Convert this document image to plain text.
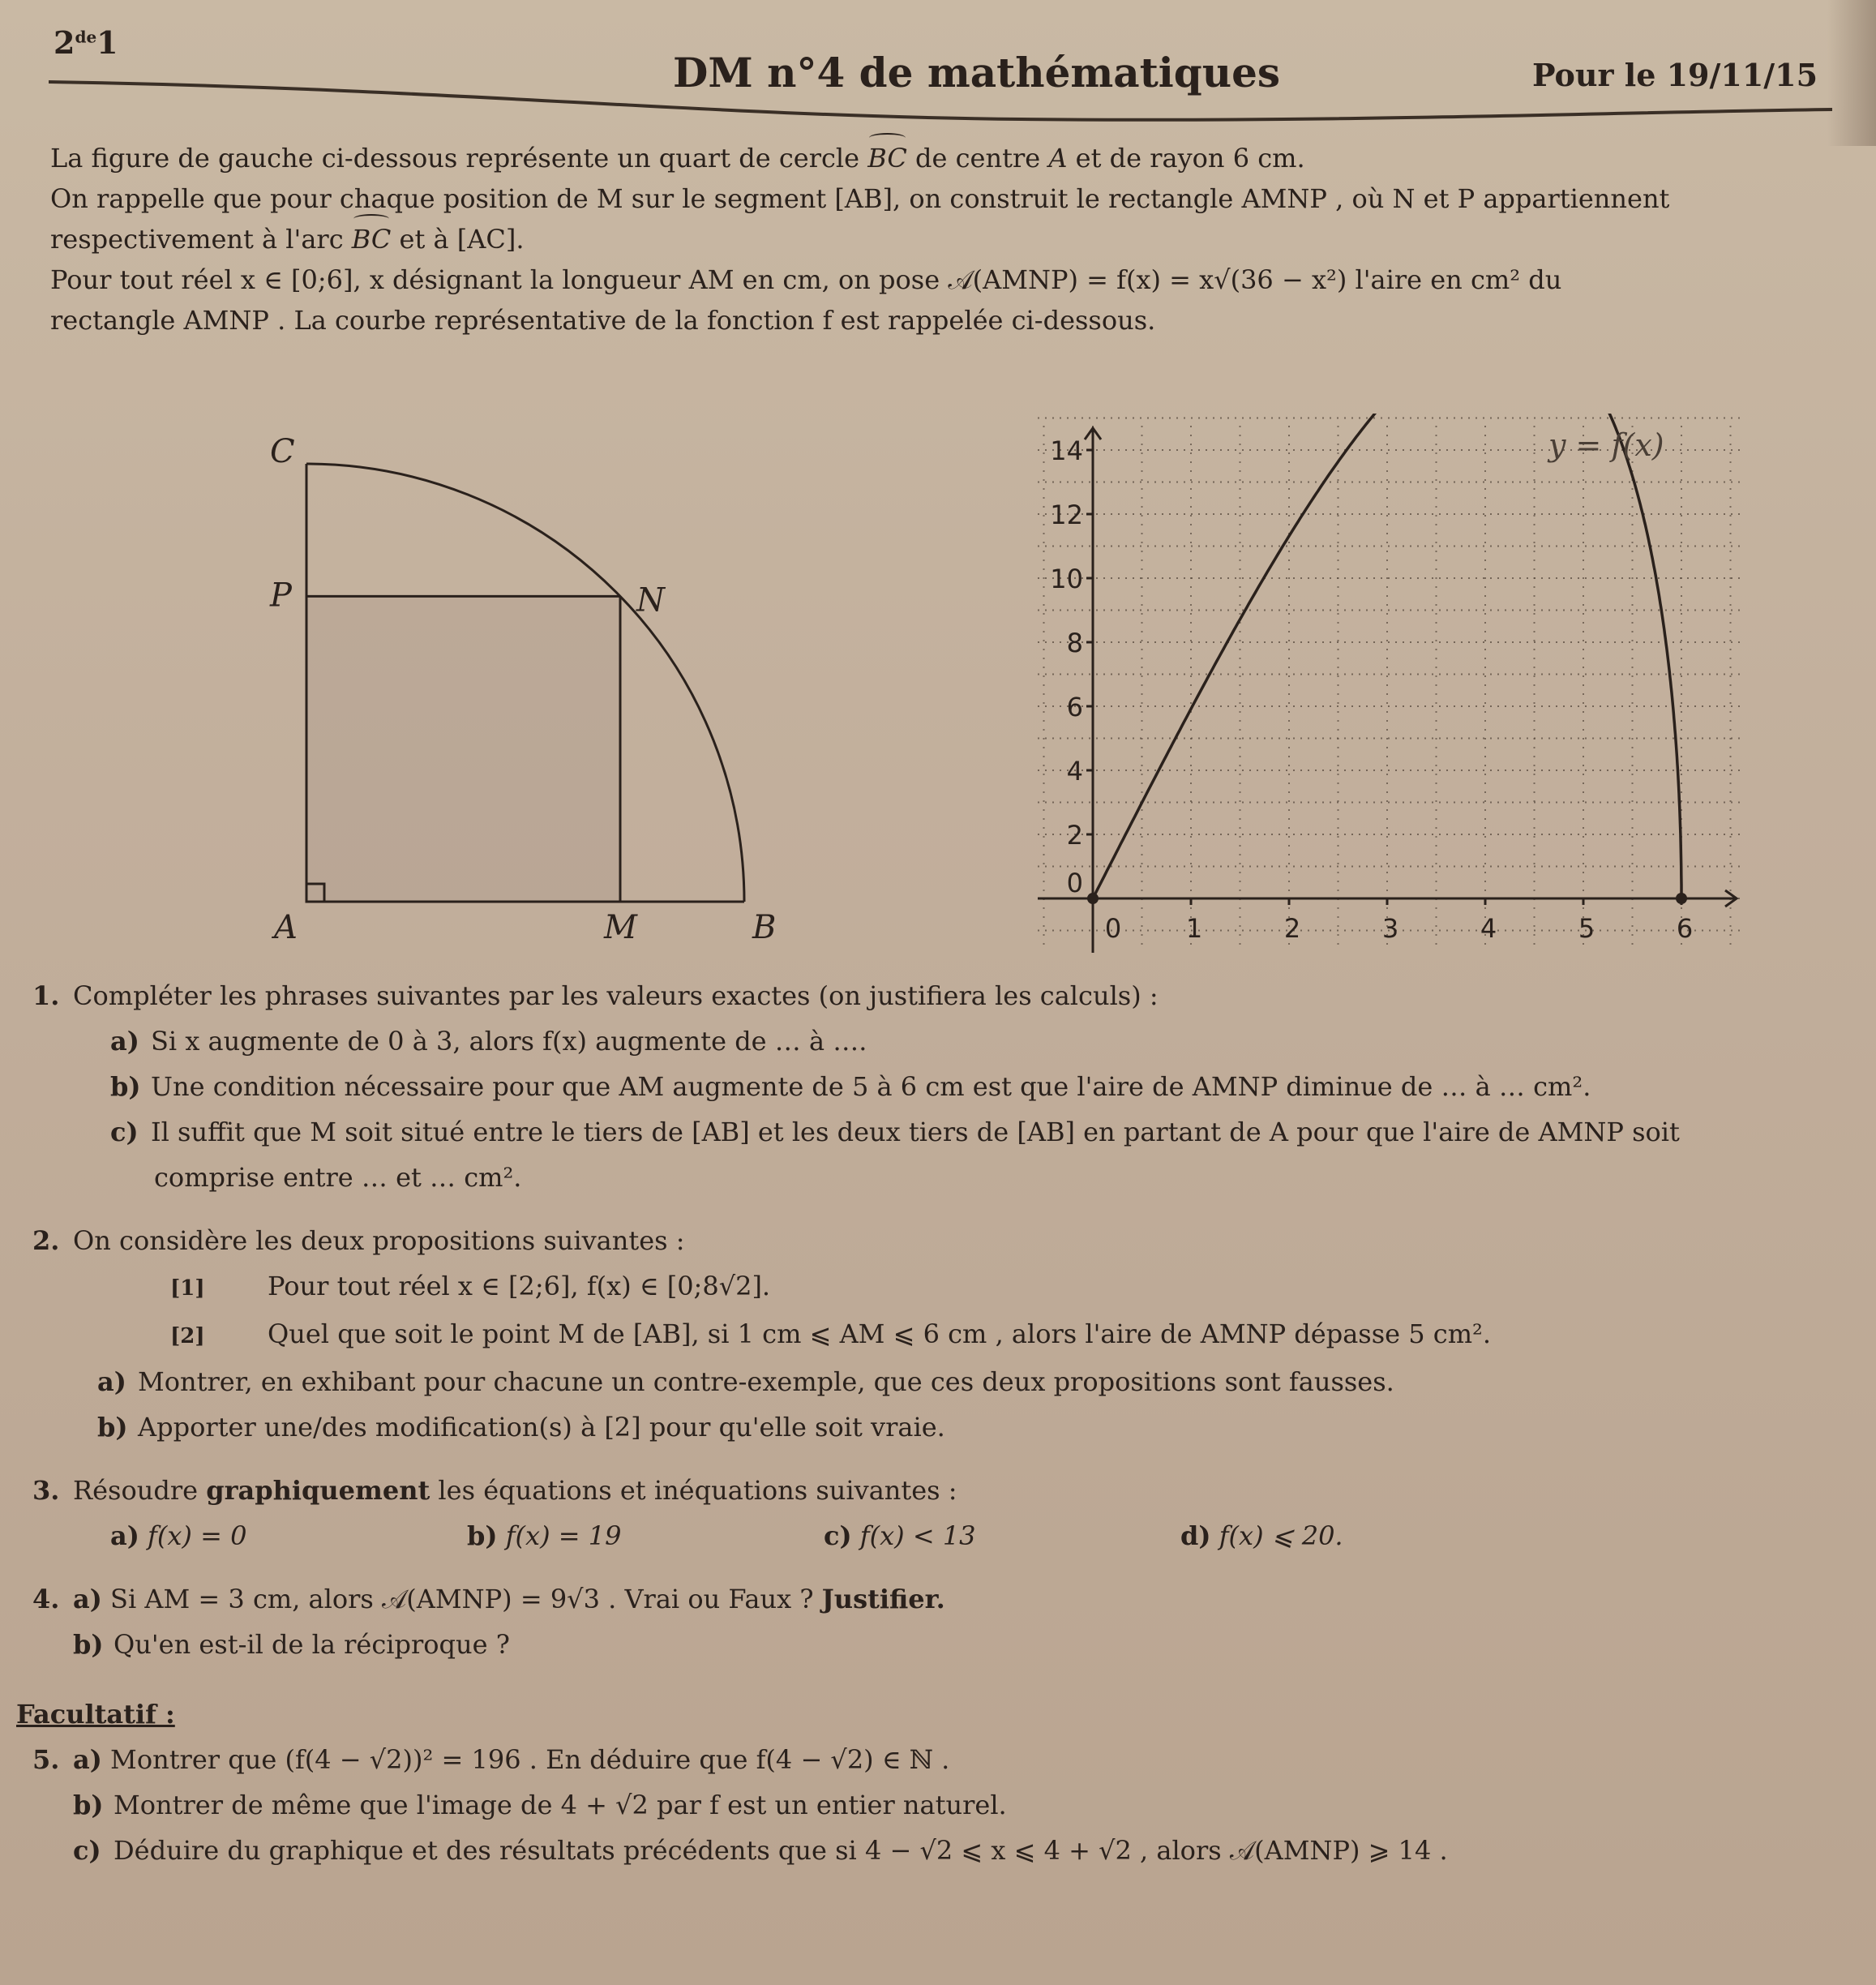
2de1
DM n°4 de mathématiques	Pour le 19/11/15

La figure de gauche ci-dessous représente un quart de cercle BC de centre A et de rayon 6 cm.

On rappelle que pour chaque position de M sur le segment [AB], on construit le rectangle AMNP , où N et P appartiennent

respectivement à l'arc BC et à [AC].

Pour tout réel x ∈ [0;6], x désignant la longueur AM en cm, on pose 𝒜(AMNP) = f(x) = x√(36 − x²) l'aire en cm² du

rectangle AMNP . La courbe représentative de la fonction f est rappelée ci-dessous.

C
P	N
A	M	B
0
2
4
6
8
10
12
14
0 1	2	3	4	5	6
y = f(x)
1. Compléter les phrases suivantes par les valeurs exactes (on justifiera les calculs) :
a) Si x augmente de 0 à 3, alors f(x) augmente de … à ….
b) Une condition nécessaire pour que AM augmente de 5 à 6 cm est que l'aire de AMNP diminue de … à … cm².
c) Il suffit que M soit situé entre le tiers de [AB] et les deux tiers de [AB] en partant de A pour que l'aire de AMNP soit
comprise entre … et … cm².
2. On considère les deux propositions suivantes :
[1] Pour tout réel x ∈ [2;6], f(x) ∈ [0;8√2].
[2] Quel que soit le point M de [AB], si 1 cm ⩽ AM ⩽ 6 cm , alors l'aire de AMNP dépasse 5 cm².
a) Montrer, en exhibant pour chacune un contre-exemple, que ces deux propositions sont fausses.
b) Apporter une/des modification(s) à [2] pour qu'elle soit vraie.
3. Résoudre graphiquement les équations et inéquations suivantes :
a) f(x) = 0	b) f(x) = 19	c) f(x) < 13	d) f(x) ⩽ 20.
4. a) Si AM = 3 cm, alors 𝒜(AMNP) = 9√3 . Vrai ou Faux ? Justifier.
b) Qu'en est-il de la réciproque ?
Facultatif :
5. a) Montrer que (f(4 − √2))² = 196 . En déduire que f(4 − √2) ∈ ℕ .
b) Montrer de même que l'image de 4 + √2 par f est un entier naturel.
c) Déduire du graphique et des résultats précédents que si 4 − √2 ⩽ x ⩽ 4 + √2 , alors 𝒜(AMNP) ⩾ 14 .
